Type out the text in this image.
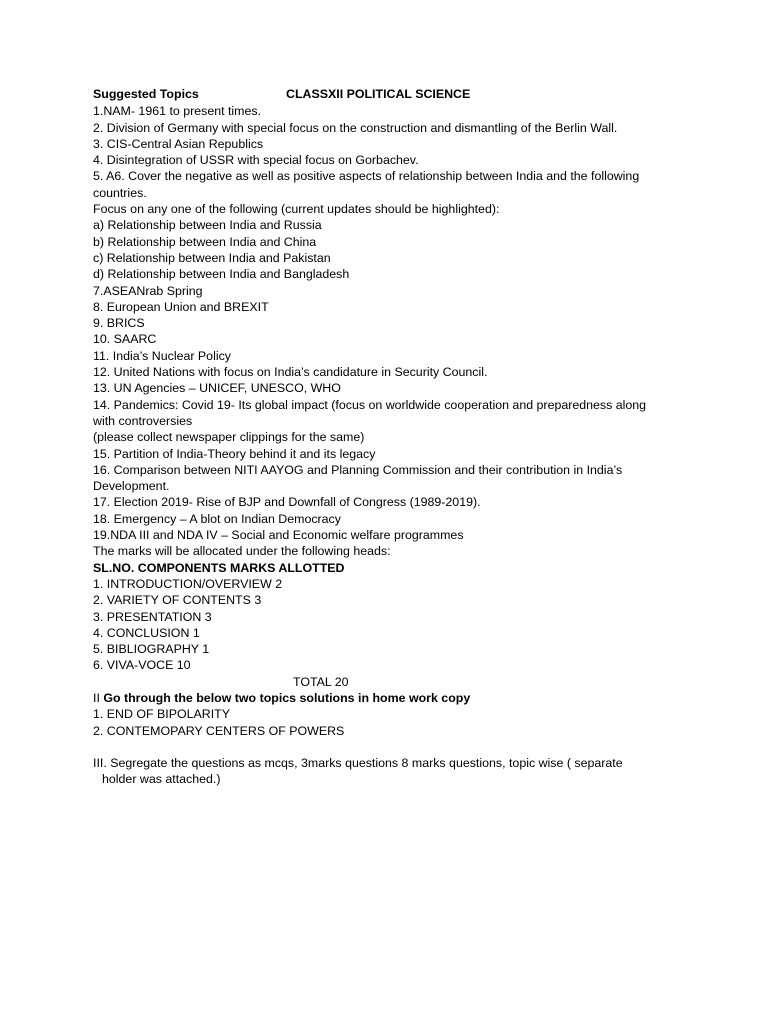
Suggested Topics	CLASSXII POLITICAL SCIENCE
1.NAM- 1961 to present times.
2. Division of Germany with special focus on the construction and dismantling of the Berlin Wall.
3. CIS-Central Asian Republics
4. Disintegration of USSR with special focus on Gorbachev.
5. A6. Cover the negative as well as positive aspects of relationship between India and the following
countries.
Focus on any one of the following (current updates should be highlighted):
a) Relationship between India and Russia
b) Relationship between India and China
c) Relationship between India and Pakistan
d) Relationship between India and Bangladesh
7.ASEANrab Spring
8. European Union and BREXIT
9. BRICS
10. SAARC
11. India’s Nuclear Policy
12. United Nations with focus on India’s candidature in Security Council.
13. UN Agencies – UNICEF, UNESCO, WHO
14. Pandemics: Covid 19- Its global impact (focus on worldwide cooperation and preparedness along
with controversies
(please collect newspaper clippings for the same)
15. Partition of India-Theory behind it and its legacy
16. Comparison between NITI AAYOG and Planning Commission and their contribution in India’s
Development.
17. Election 2019- Rise of BJP and Downfall of Congress (1989-2019).
18. Emergency – A blot on Indian Democracy
19.NDA III and NDA IV – Social and Economic welfare programmes
The marks will be allocated under the following heads:
SL.NO. COMPONENTS MARKS ALLOTTED
1. INTRODUCTION/OVERVIEW 2
2. VARIETY OF CONTENTS 3
3. PRESENTATION 3
4. CONCLUSION 1
5. BIBLIOGRAPHY 1
6. VIVA-VOCE 10
TOTAL 20
II Go through the below two topics solutions in home work copy
1. END OF BIPOLARITY
2. CONTEMOPARY CENTERS OF POWERS
III. Segregate the questions as mcqs, 3marks questions 8 marks questions, topic wise ( separate
holder was attached.)
